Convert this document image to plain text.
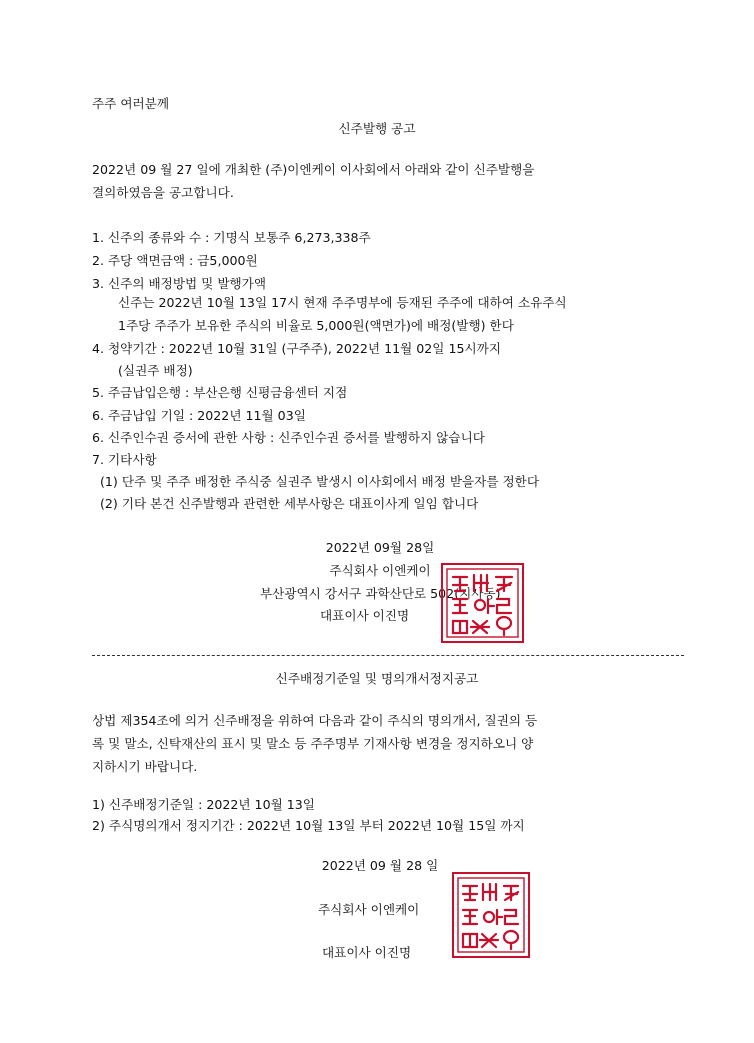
주주 여러분께
신주발행 공고
2022년 09 월 27 일에 개최한 (주)이엔케이 이사회에서 아래와 같이 신주발행을
결의하였음을 공고합니다.
1. 신주의 종류와 수 : 기명식 보통주 6,273,338주
2. 주당 액면금액 : 금5,000원
3. 신주의 배정방법 및 발행가액
신주는 2022년 10월 13일 17시 현재 주주명부에 등재된 주주에 대하여 소유주식
1주당 주주가 보유한 주식의 비율로 5,000원(액면가)에 배정(발행) 한다
4. 청약기간 : 2022년 10월 31일 (구주주), 2022년 11월 02일 15시까지
(실권주 배정)
5. 주금납입은행 : 부산은행 신평금융센터 지점
6. 주금납입 기일 : 2022년 11월 03일
6. 신주인수권 증서에 관한 사항 : 신주인수권 증서를 발행하지 않습니다
7. 기타사항
(1) 단주 및 주주 배정한 주식중 실권주 발생시 이사회에서 배정 받을자를 정한다
(2) 기타 본건 신주발행과 관련한 세부사항은 대표이사게 일임 합니다
2022년 09월 28일
주식회사 이엔케이
부산광역시 강서구 과학산단로 502(지사동)
대표이사 이진명
신주배정기준일 및 명의개서정지공고
상법 제354조에 의거 신주배정을 위하여 다음과 같이 주식의 명의개서, 질권의 등
록 및 말소, 신탁재산의 표시 및 말소 등 주주명부 기재사항 변경을 정지하오니 양
지하시기 바랍니다.
1) 신주배정기준일 : 2022년 10월 13일
2) 주식명의개서 정지기간 : 2022년 10월 13일 부터 2022년 10월 15일 까지
2022년 09 월 28 일
주식회사 이엔케이
대표이사 이진명
